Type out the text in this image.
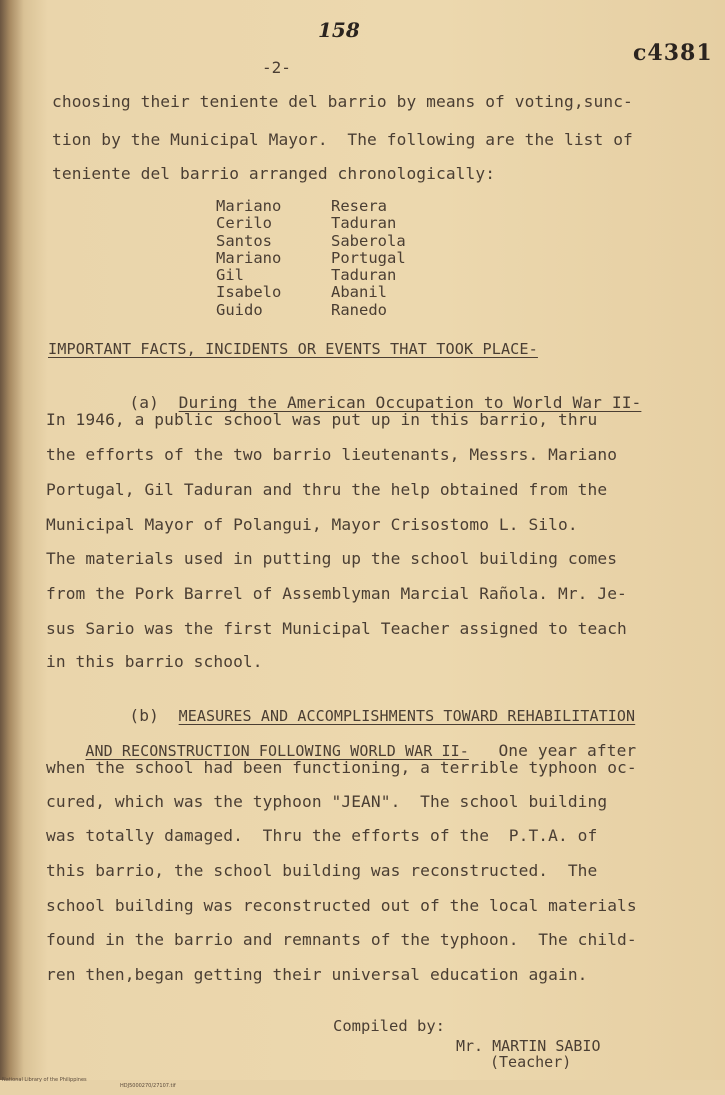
158
c4381
-2-
choosing their teniente del barrio by means of voting,sunc-
tion by the Municipal Mayor.  The following are the list of
teniente del barrio arranged chronologically:
Mariano
Cerilo
Santos
Mariano
Gil
Isabelo
Guido
Resera
Taduran
Saberola
Portugal
Taduran
Abanil
Ranedo
IMPORTANT FACTS, INCIDENTS OR EVENTS THAT TOOK PLACE-

(a) During the American Occupation to World War II-

In 1946, a public school was put up in this barrio, thru
the efforts of the two barrio lieutenants, Messrs. Mariano
Portugal, Gil Taduran and thru the help obtained from the
Municipal Mayor of Polangui, Mayor Crisostomo L. Silo.
The materials used in putting up the school building comes
from the Pork Barrel of Assemblyman Marcial Rañola. Mr. Je-
sus Sario was the first Municipal Teacher assigned to teach
in this barrio school.

(b) MEASURES AND ACCOMPLISHMENTS TOWARD REHABILITATION

AND RECONSTRUCTION FOLLOWING WORLD WAR II- One year after

when the school had been functioning, a terrible typhoon oc-
cured, which was the typhoon "JEAN".  The school building
was totally damaged.  Thru the efforts of the  P.T.A. of
this barrio, the school building was reconstructed.  The
school building was reconstructed out of the local materials
found in the barrio and remnants of the typhoon.  The child-
ren then,began getting their universal education again.
Compiled by:
Mr. MARTIN SABIO
(Teacher)

National Library of the Philippines

HDJ5000270/27107.tif
